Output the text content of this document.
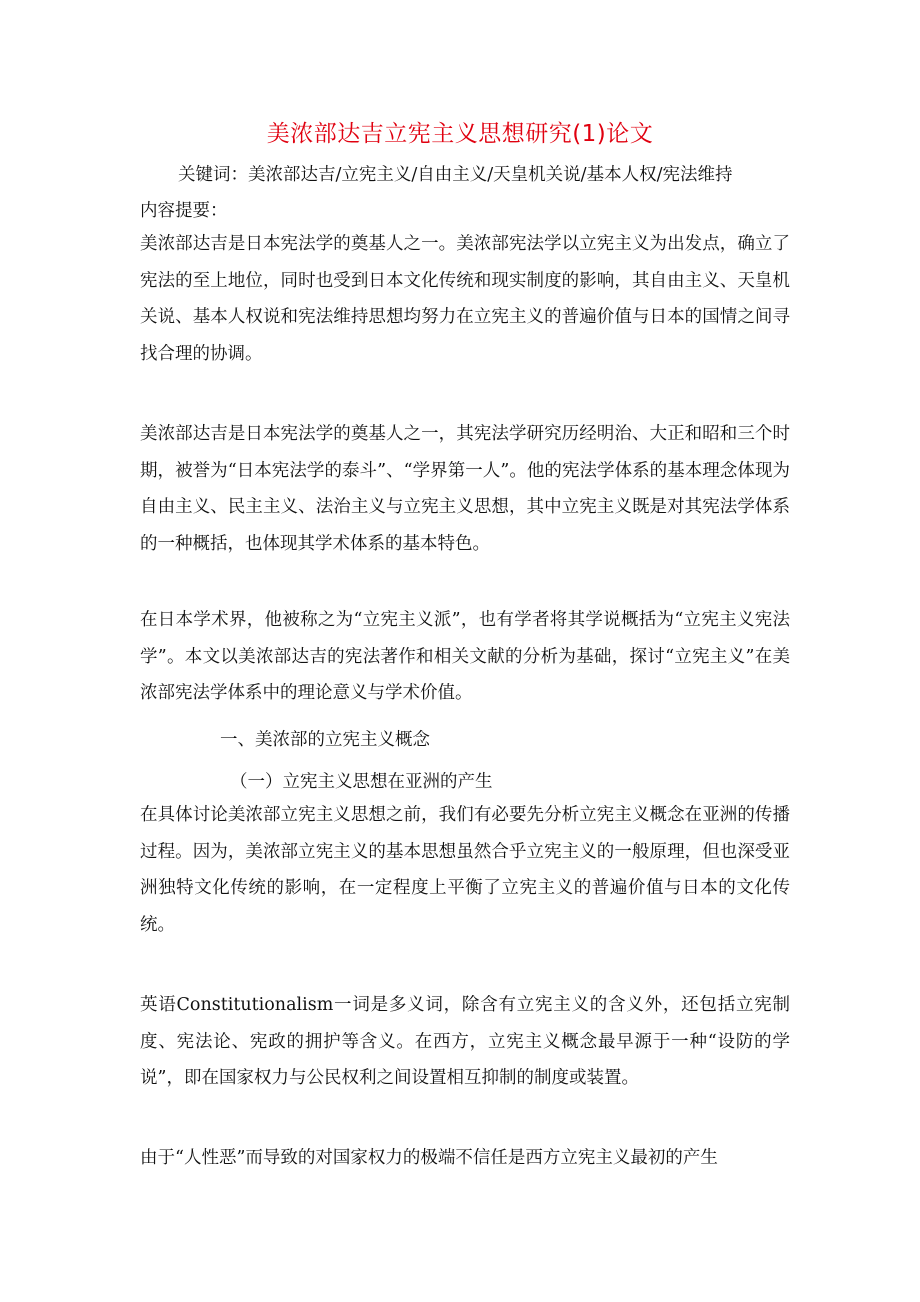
美浓部达吉立宪主义思想研究(1)论文
关键词：美浓部达吉/立宪主义/自由主义/天皇机关说/基本人权/宪法维持
内容提要：
美浓部达吉是日本宪法学的奠基人之一。美浓部宪法学以立宪主义为出发点，确立了宪法的至上地位，同时也受到日本文化传统和现实制度的影响，其自由主义、天皇机关说、基本人权说和宪法维持思想均努力在立宪主义的普遍价值与日本的国情之间寻找合理的协调。
美浓部达吉是日本宪法学的奠基人之一，其宪法学研究历经明治、大正和昭和三个时期，被誉为“日本宪法学的泰斗”、“学界第一人”。他的宪法学体系的基本理念体现为自由主义、民主主义、法治主义与立宪主义思想，其中立宪主义既是对其宪法学体系的一种概括，也体现其学术体系的基本特色。
在日本学术界，他被称之为“立宪主义派”，也有学者将其学说概括为“立宪主义宪法学”。本文以美浓部达吉的宪法著作和相关文献的分析为基础，探讨“立宪主义”在美浓部宪法学体系中的理论意义与学术价值。
一、美浓部的立宪主义概念
（一）立宪主义思想在亚洲的产生
在具体讨论美浓部立宪主义思想之前，我们有必要先分析立宪主义概念在亚洲的传播过程。因为，美浓部立宪主义的基本思想虽然合乎立宪主义的一般原理，但也深受亚洲独特文化传统的影响，在一定程度上平衡了立宪主义的普遍价值与日本的文化传统。
英语Constitutionalism一词是多义词，除含有立宪主义的含义外，还包括立宪制度、宪法论、宪政的拥护等含义。在西方，立宪主义概念最早源于一种“设防的学说”，即在国家权力与公民权利之间设置相互抑制的制度或装置。
由于“人性恶”而导致的对国家权力的极端不信任是西方立宪主义最初的产生
